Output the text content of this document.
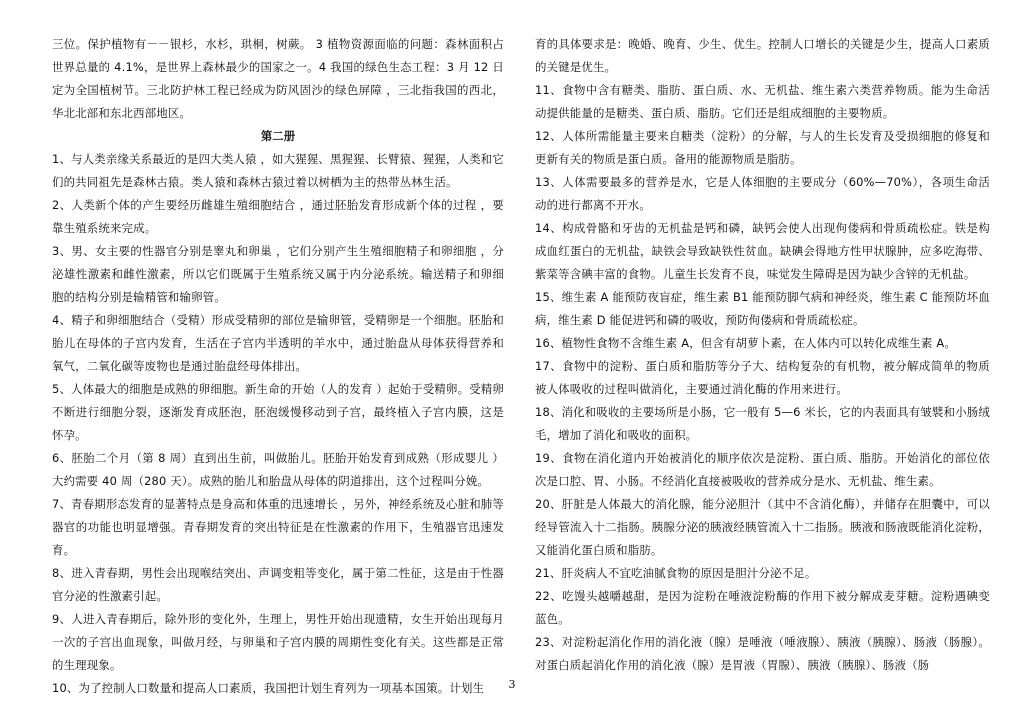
三位。保护植物有－－银杉，水杉，珙桐，树蕨。 3 植物资源面临的问题：森林面积占世界总量的 4.1%，是世界上森林最少的国家之一。4 我国的绿色生态工程：3 月 12 日定为全国植树节。三北防护林工程已经成为防风固沙的绿色屏障 ，三北指我国的西北，华北北部和东北西部地区。

第二册

1、与人类亲缘关系最近的是四大类人猿 ，如大猩猩、黑猩猩、长臂猿、猩猩，人类和它们的共同祖先是森林古猿。类人猿和森林古猿过着以树栖为主的热带丛林生活。

2、人类新个体的产生要经历雌雄生殖细胞结合 ，通过胚胎发育形成新个体的过程 ，要靠生殖系统来完成。

3、男、女主要的性器官分别是睾丸和卵巢 ，它们分别产生生殖细胞精子和卵细胞 ，分泌雄性激素和雌性激素，所以它们既属于生殖系统又属于内分泌系统。输送精子和卵细胞的结构分别是输精管和输卵管。

4、精子和卵细胞结合（受精）形成受精卵的部位是输卵管，受精卵是一个细胞。胚胎和胎儿在母体的子宫内发育，生活在子宫内半透明的羊水中，通过胎盘从母体获得营养和氧气，二氧化碳等废物也是通过胎盘经母体排出。

5、人体最大的细胞是成熟的卵细胞。新生命的开始（人的发育 ）起始于受精卵。受精卵不断进行细胞分裂，逐渐发育成胚泡，胚泡缓慢移动到子宫，最终植入子宫内膜，这是怀孕。

6、胚胎二个月（第 8 周）直到出生前，叫做胎儿。胚胎开始发育到成熟（形成婴儿 ）大约需要 40 周（280 天）。成熟的胎儿和胎盘从母体的阴道排出，这个过程叫分娩。

7、青春期形态发育的显著特点是身高和体重的迅速增长 ，另外，神经系统及心脏和肺等器官的功能也明显增强。青春期发育的突出特征是在性激素的作用下，生殖器官迅速发育。

8、进入青春期，男性会出现喉结突出、声调变粗等变化，属于第二性征，这是由于性器官分泌的性激素引起。

9、人进入青春期后，除外形的变化外，生理上，男性开始出现遗精，女生开始出现每月一次的子宫出血现象，叫做月经，与卵巢和子宫内膜的周期性变化有关。这些都是正常的生理现象。

10、为了控制人口数量和提高人口素质，我国把计划生育列为一项基本国策。计划生

育的具体要求是：晚婚、晚育、少生、优生。控制人口增长的关键是少生，提高人口素质的关键是优生。

11、食物中含有糖类、脂肪、蛋白质、水、无机盐、维生素六类营养物质。能为生命活动提供能量的是糖类、蛋白质、脂肪。它们还是组成细胞的主要物质。

12、人体所需能量主要来自糖类（淀粉）的分解，与人的生长发育及受损细胞的修复和更新有关的物质是蛋白质。备用的能源物质是脂肪。

13、人体需要最多的营养是水，它是人体细胞的主要成分（60%—70%），各项生命活动的进行都离不开水。

14、构成骨骼和牙齿的无机盐是钙和磷，缺钙会使人出现佝偻病和骨质疏松症。铁是构成血红蛋白的无机盐，缺铁会导致缺铁性贫血。缺碘会得地方性甲状腺肿，应多吃海带、紫菜等含碘丰富的食物。儿童生长发育不良，味觉发生障碍是因为缺少含锌的无机盐。

15、维生素 A 能预防夜盲症，维生素 B1 能预防脚气病和神经炎，维生素 C 能预防坏血病，维生素 D 能促进钙和磷的吸收，预防佝偻病和骨质疏松症。

16、植物性食物不含维生素 A，但含有胡萝卜素，在人体内可以转化成维生素 A。

17、食物中的淀粉、蛋白质和脂肪等分子大、结构复杂的有机物，被分解成简单的物质被人体吸收的过程叫做消化，主要通过消化酶的作用来进行。

18、消化和吸收的主要场所是小肠，它一般有 5—6 米长，它的内表面具有皱襞和小肠绒毛，增加了消化和吸收的面积。

19、食物在消化道内开始被消化的顺序依次是淀粉、蛋白质、脂肪。开始消化的部位依次是口腔、胃、小肠。不经消化直接被吸收的营养成分是水、无机盐、维生素。

20、肝脏是人体最大的消化腺，能分泌胆汁（其中不含消化酶），并储存在胆囊中，可以经导管流入十二指肠。胰腺分泌的胰液经胰管流入十二指肠。胰液和肠液既能消化淀粉，又能消化蛋白质和脂肪。

21、肝炎病人不宜吃油腻食物的原因是胆汁分泌不足。

22、吃馒头越嚼越甜，是因为淀粉在唾液淀粉酶的作用下被分解成麦芽糖。淀粉遇碘变蓝色。

23、对淀粉起消化作用的消化液（腺）是唾液（唾液腺）、胰液（胰腺）、肠液（肠腺）。对蛋白质起消化作用的消化液（腺）是胃液（胃腺）、胰液（胰腺）、肠液（肠

3
